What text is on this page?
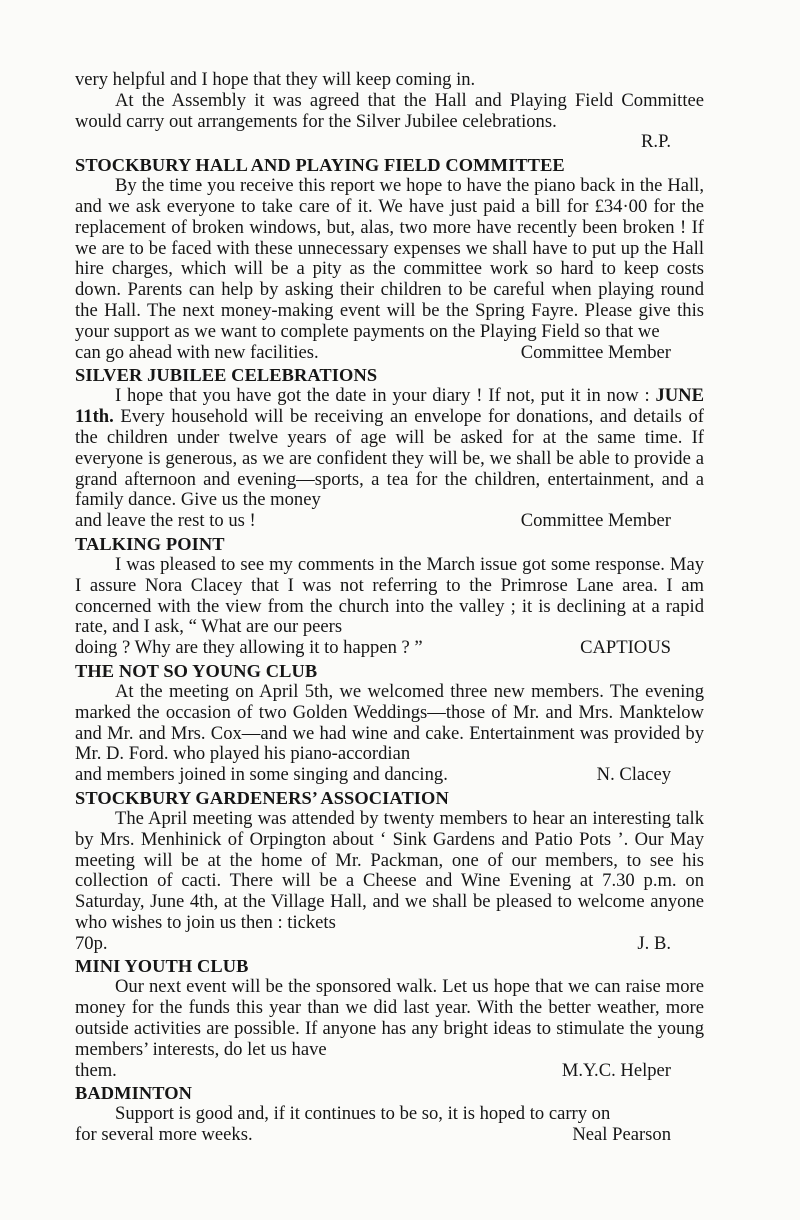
very helpful and I hope that they will keep coming in.

At the Assembly it was agreed that the Hall and Playing Field Committee would carry out arrangements for the Silver Jubilee celebrations.

R.P.

STOCKBURY HALL AND PLAYING FIELD COMMITTEE

By the time you receive this report we hope to have the piano back in the Hall, and we ask everyone to take care of it. We have just paid a bill for £34·00 for the replacement of broken windows, but, alas, two more have recently been broken ! If we are to be faced with these unnecessary expenses we shall have to put up the Hall hire charges, which will be a pity as the committee work so hard to keep costs down. Parents can help by asking their children to be careful when playing round the Hall. The next money-making event will be the Spring Fayre. Please give this your support as we want to complete payments on the Playing Field so that we

can go ahead with new facilities.	Committee Member
SILVER JUBILEE CELEBRATIONS

I hope that you have got the date in your diary ! If not, put it in now : JUNE 11th. Every household will be receiving an envelope for donations, and details of the children under twelve years of age will be asked for at the same time. If everyone is generous, as we are confident they will be, we shall be able to provide a grand afternoon and evening—sports, a tea for the children, entertainment, and a family dance. Give us the money

and leave the rest to us !	Committee Member
TALKING POINT

I was pleased to see my comments in the March issue got some response. May I assure Nora Clacey that I was not referring to the Primrose Lane area. I am concerned with the view from the church into the valley ; it is declining at a rapid rate, and I ask, “ What are our peers

doing ? Why are they allowing it to happen ? ”	CAPTIOUS
THE NOT SO YOUNG CLUB

At the meeting on April 5th, we welcomed three new members. The evening marked the occasion of two Golden Weddings—those of Mr. and Mrs. Manktelow and Mr. and Mrs. Cox—and we had wine and cake. Entertainment was provided by Mr. D. Ford. who played his piano-accordian

and members joined in some singing and dancing.	N. Clacey
STOCKBURY GARDENERS’ ASSOCIATION

The April meeting was attended by twenty members to hear an interesting talk by Mrs. Menhinick of Orpington about ‘ Sink Gardens and Patio Pots ’. Our May meeting will be at the home of Mr. Packman, one of our members, to see his collection of cacti. There will be a Cheese and Wine Evening at 7.30 p.m. on Saturday, June 4th, at the Village Hall, and we shall be pleased to welcome anyone who wishes to join us then : tickets

70p.	J. B.
MINI YOUTH CLUB

Our next event will be the sponsored walk. Let us hope that we can raise more money for the funds this year than we did last year. With the better weather, more outside activities are possible. If anyone has any bright ideas to stimulate the young members’ interests, do let us have

them.	M.Y.C. Helper
BADMINTON

Support is good and, if it continues to be so, it is hoped to carry on

for several more weeks.	Neal Pearson
